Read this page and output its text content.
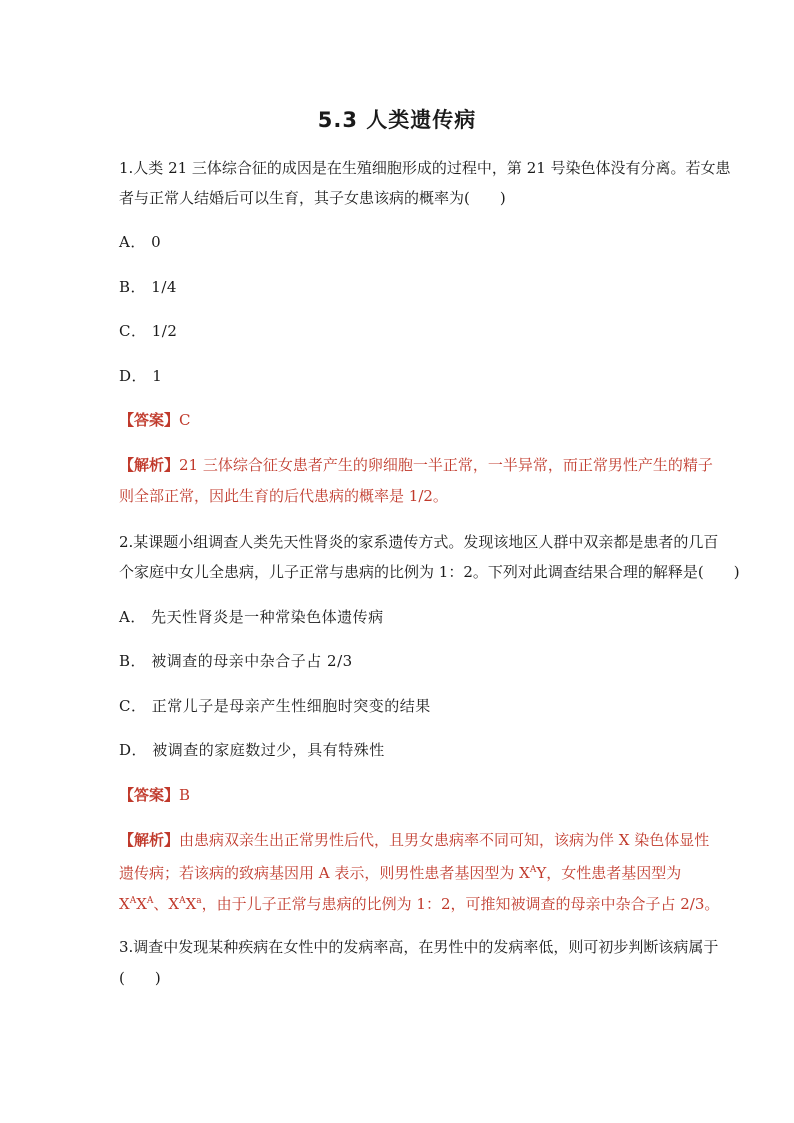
5.3 人类遗传病
1.人类 21 三体综合征的成因是在生殖细胞形成的过程中，第 21 号染色体没有分离。若女患
者与正常人结婚后可以生育，其子女患该病的概率为(　　)
A． 0
B． 1/4
C． 1/2
D． 1
【答案】C
【解析】21 三体综合征女患者产生的卵细胞一半正常，一半异常，而正常男性产生的精子
则全部正常，因此生育的后代患病的概率是 1/2。
2.某课题小组调查人类先天性肾炎的家系遗传方式。发现该地区人群中双亲都是患者的几百
个家庭中女儿全患病，儿子正常与患病的比例为 1：2。下列对此调查结果合理的解释是(　　)
A． 先天性肾炎是一种常染色体遗传病
B． 被调查的母亲中杂合子占 2/3
C． 正常儿子是母亲产生性细胞时突变的结果
D． 被调查的家庭数过少，具有特殊性
【答案】B
【解析】由患病双亲生出正常男性后代，且男女患病率不同可知，该病为伴 X 染色体显性
遗传病；若该病的致病基因用 A 表示，则男性患者基因型为 $X^AY$，女性患者基因型为
$X^AX^A$、$X^AX^a$，由于儿子正常与患病的比例为 1：2，可推知被调查的母亲中杂合子占 2/3。
3.调查中发现某种疾病在女性中的发病率高，在男性中的发病率低，则可初步判断该病属于
(　　)
